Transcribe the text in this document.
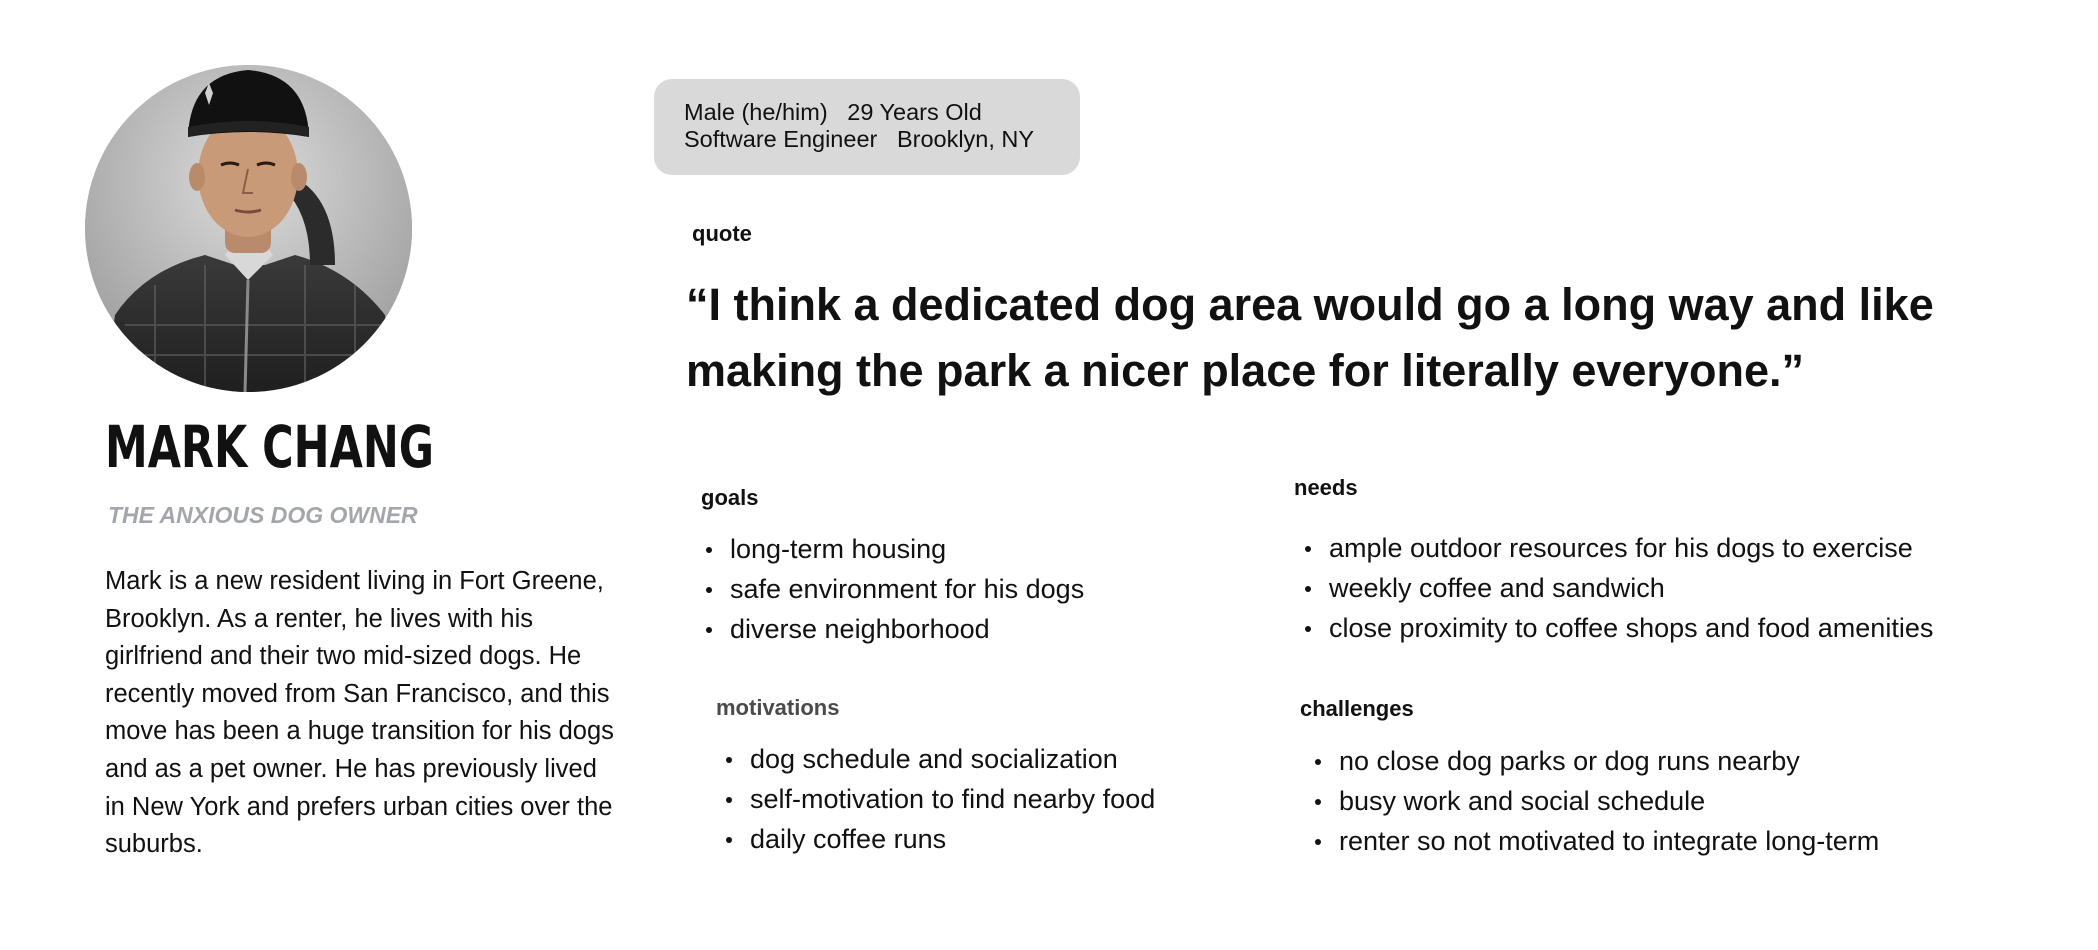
MARK CHANG
THE ANXIOUS DOG OWNER
Mark is a new resident living in Fort Greene, Brooklyn. As a renter, he lives with his girlfriend and their two mid-sized dogs. He recently moved from San Francisco, and this move has been a huge transition for his dogs and as a pet owner. He has previously lived in New York and prefers urban cities over the suburbs.
Male (he/him) 29 Years Old
Software Engineer Brooklyn, NY
quote
“I think a dedicated dog area would go a long way and like making the park a nicer place for literally everyone.”
goals
long-term housing
safe environment for his dogs
diverse neighborhood
needs
ample outdoor resources for his dogs to exercise
weekly coffee and sandwich
close proximity to coffee shops and food amenities
motivations
dog schedule and socialization
self-motivation to find nearby food
daily coffee runs
challenges
no close dog parks or dog runs nearby
busy work and social schedule
renter so not motivated to integrate long-term
